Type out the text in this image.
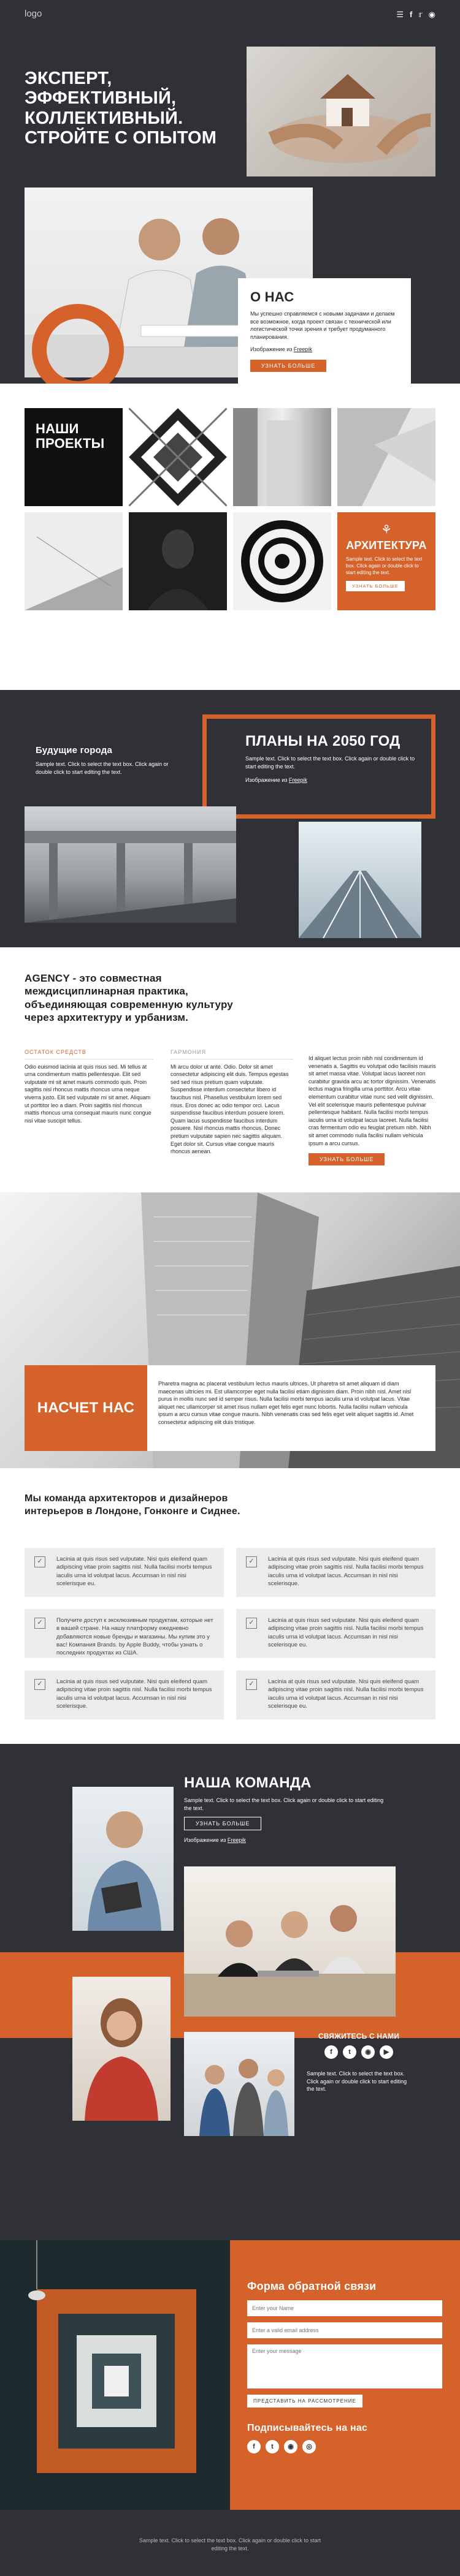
logo	☰ f 𝕣 ◉
ЭКСПЕРТ, ЭФФЕКТИВНЫЙ, КОЛЛЕКТИВНЫЙ. СТРОЙТЕ С ОПЫТОМ
О НАС

Мы успешно справляемся с новыми задачами и делаем все возможное, когда проект связан с технической или логистической точки зрения и требует продуманного планирования.

Изображение из Freepik

УЗНАТЬ БОЛЬШЕ
НАШИ ПРОЕКТЫ
⚘
АРХИТЕКТУРА
Sample text. Click to select the text box. Click again or double click to start editing the text.
УЗНАТЬ БОЛЬШЕ
Будущие города

Sample text. Click to select the text box. Click again or double click to start editing the text.

ПЛАНЫ НА 2050 ГОД

Sample text. Click to select the text box. Click again or double click to start editing the text.

Изображение из Freepik

AGENCY - это совместная междисциплинарная практика, объединяющая современную культуру через архитектуру и урбанизм.
ОСТАТОК СРЕДСТВ

Odio euismod lacinia at quis risus sed. Mi tellus at urna condimentum mattis pellentesque. Elit sed vulputate mi sit amet mauris commodo quis. Proin sagittis nisl rhoncus mattis rhoncus urna neque viverra justo. Elit sed vulputate mi sit amet. Aliquam ut porttitor leo a diam. Proin sagittis nisl rhoncus mattis rhoncus urna consequat mauris nunc congue nisi vitae suscipit tellus.

ГАРМОНИЯ

Mi arcu dolor ut ante. Odio. Dolor sit amet consectetur adipiscing elit duis. Tempus egestas sed sed risus pretium quam vulputate. Suspendisse interdum consectetur libero id faucibus nisl. Phasellus vestibulum lorem sed risus. Eros donec ac odio tempor orci. Lacus suspendisse faucibus interdum posuere lorem. Quam lacus suspendisse faucibus interdum posuere. Nisl rhoncus mattis rhoncus. Donec pretium vulputate sapien nec sagittis aliquam. Eget dolor sit. Cursus vitae congue mauris rhoncus aenean.

Id aliquet lectus proin nibh nisl condimentum id venenatis a. Sagittis eu volutpat odio facilisis mauris sit amet massa vitae. Volutpat lacus laoreet non curabitur gravida arcu ac tortor dignissim. Venenatis lectus magna fringilla urna porttitor. Arcu vitae elementum curabitur vitae nunc sed velit dignissim. Vel elit scelerisque mauris pellentesque pulvinar pellentesque habitant. Nulla facilisi morbi tempus iaculis urna id volutpat lacus laoreet. Nulla facilisi cras fermentum odio eu feugiat pretium nibh. Nibh sit amet commodo nulla facilisi nullam vehicula ipsum a arcu cursus.

УЗНАТЬ БОЛЬШЕ
НАСЧЕТ НАС

Pharetra magna ac placerat vestibulum lectus mauris ultrices. Ut pharetra sit amet aliquam id diam maecenas ultricies mi. Est ullamcorper eget nulla facilisi etiam dignissim diam. Proin nibh nisl. Amet nisl purus in mollis nunc sed id semper risus. Nulla facilisi morbi tempus iaculis urna id volutpat lacus. Vitae aliquet nec ullamcorper sit amet risus nullam eget felis eget nunc lobortis. Nulla facilisi nullam vehicula ipsum a arcu cursus vitae congue mauris. Nibh venenatis cras sed felis eget velit aliquet sagittis id. Amet consectetur adipiscing elit duis tristique.

Мы команда архитекторов и дизайнеров интерьеров в Лондоне, Гонконге и Сиднее.
✓	Lacinia at quis risus sed vulputate. Nisi quis eleifend quam adipiscing vitae proin sagittis nisl. Nulla facilisi morbi tempus iaculis urna id volutpat lacus. Accumsan in nisl nisi scelerisque eu.

✓	Lacinia at quis risus sed vulputate. Nisi quis eleifend quam adipiscing vitae proin sagittis nisl. Nulla facilisi morbi tempus iaculis urna id volutpat lacus. Accumsan in nisl nisi scelerisque.

✓	Получите доступ к эксклюзивным продуктам, которые нет в вашей стране. На нашу платформу ежедневно добавляются новые бренды и магазины. Мы купим это у вас! Компания Brands. by Apple Buddy, чтобы узнать о последних продуктах из США.

✓	Lacinia at quis risus sed vulputate. Nisi quis eleifend quam adipiscing vitae proin sagittis nisl. Nulla facilisi morbi tempus iaculis urna id volutpat lacus. Accumsan in nisl nisi scelerisque eu.

✓	Lacinia at quis risus sed vulputate. Nisi quis eleifend quam adipiscing vitae proin sagittis nisl. Nulla facilisi morbi tempus iaculis urna id volutpat lacus. Accumsan in nisl nisi scelerisque.

✓	Lacinia at quis risus sed vulputate. Nisi quis eleifend quam adipiscing vitae proin sagittis nisl. Nulla facilisi morbi tempus iaculis urna id volutpat lacus. Accumsan in nisl nisi scelerisque eu.

НАША КОМАНДА

Sample text. Click to select the text box. Click again or double click to start editing the text.

УЗНАТЬ БОЛЬШЕ

Изображение из Freepik

СВЯЖИТЕСЬ С НАМИ
f	t	◉	▶

Sample text. Click to select the text box. Click again or double click to start editing the text.

Форма обратной связи
Enter your Name
Enter a valid email address
Enter your message
ПРЕДСТАВИТЬ НА РАССМОТРЕНИЕ
Подписывайтесь на нас
f	t	◉	◎

Sample text. Click to select the text box. Click again or double click to start editing the text.
